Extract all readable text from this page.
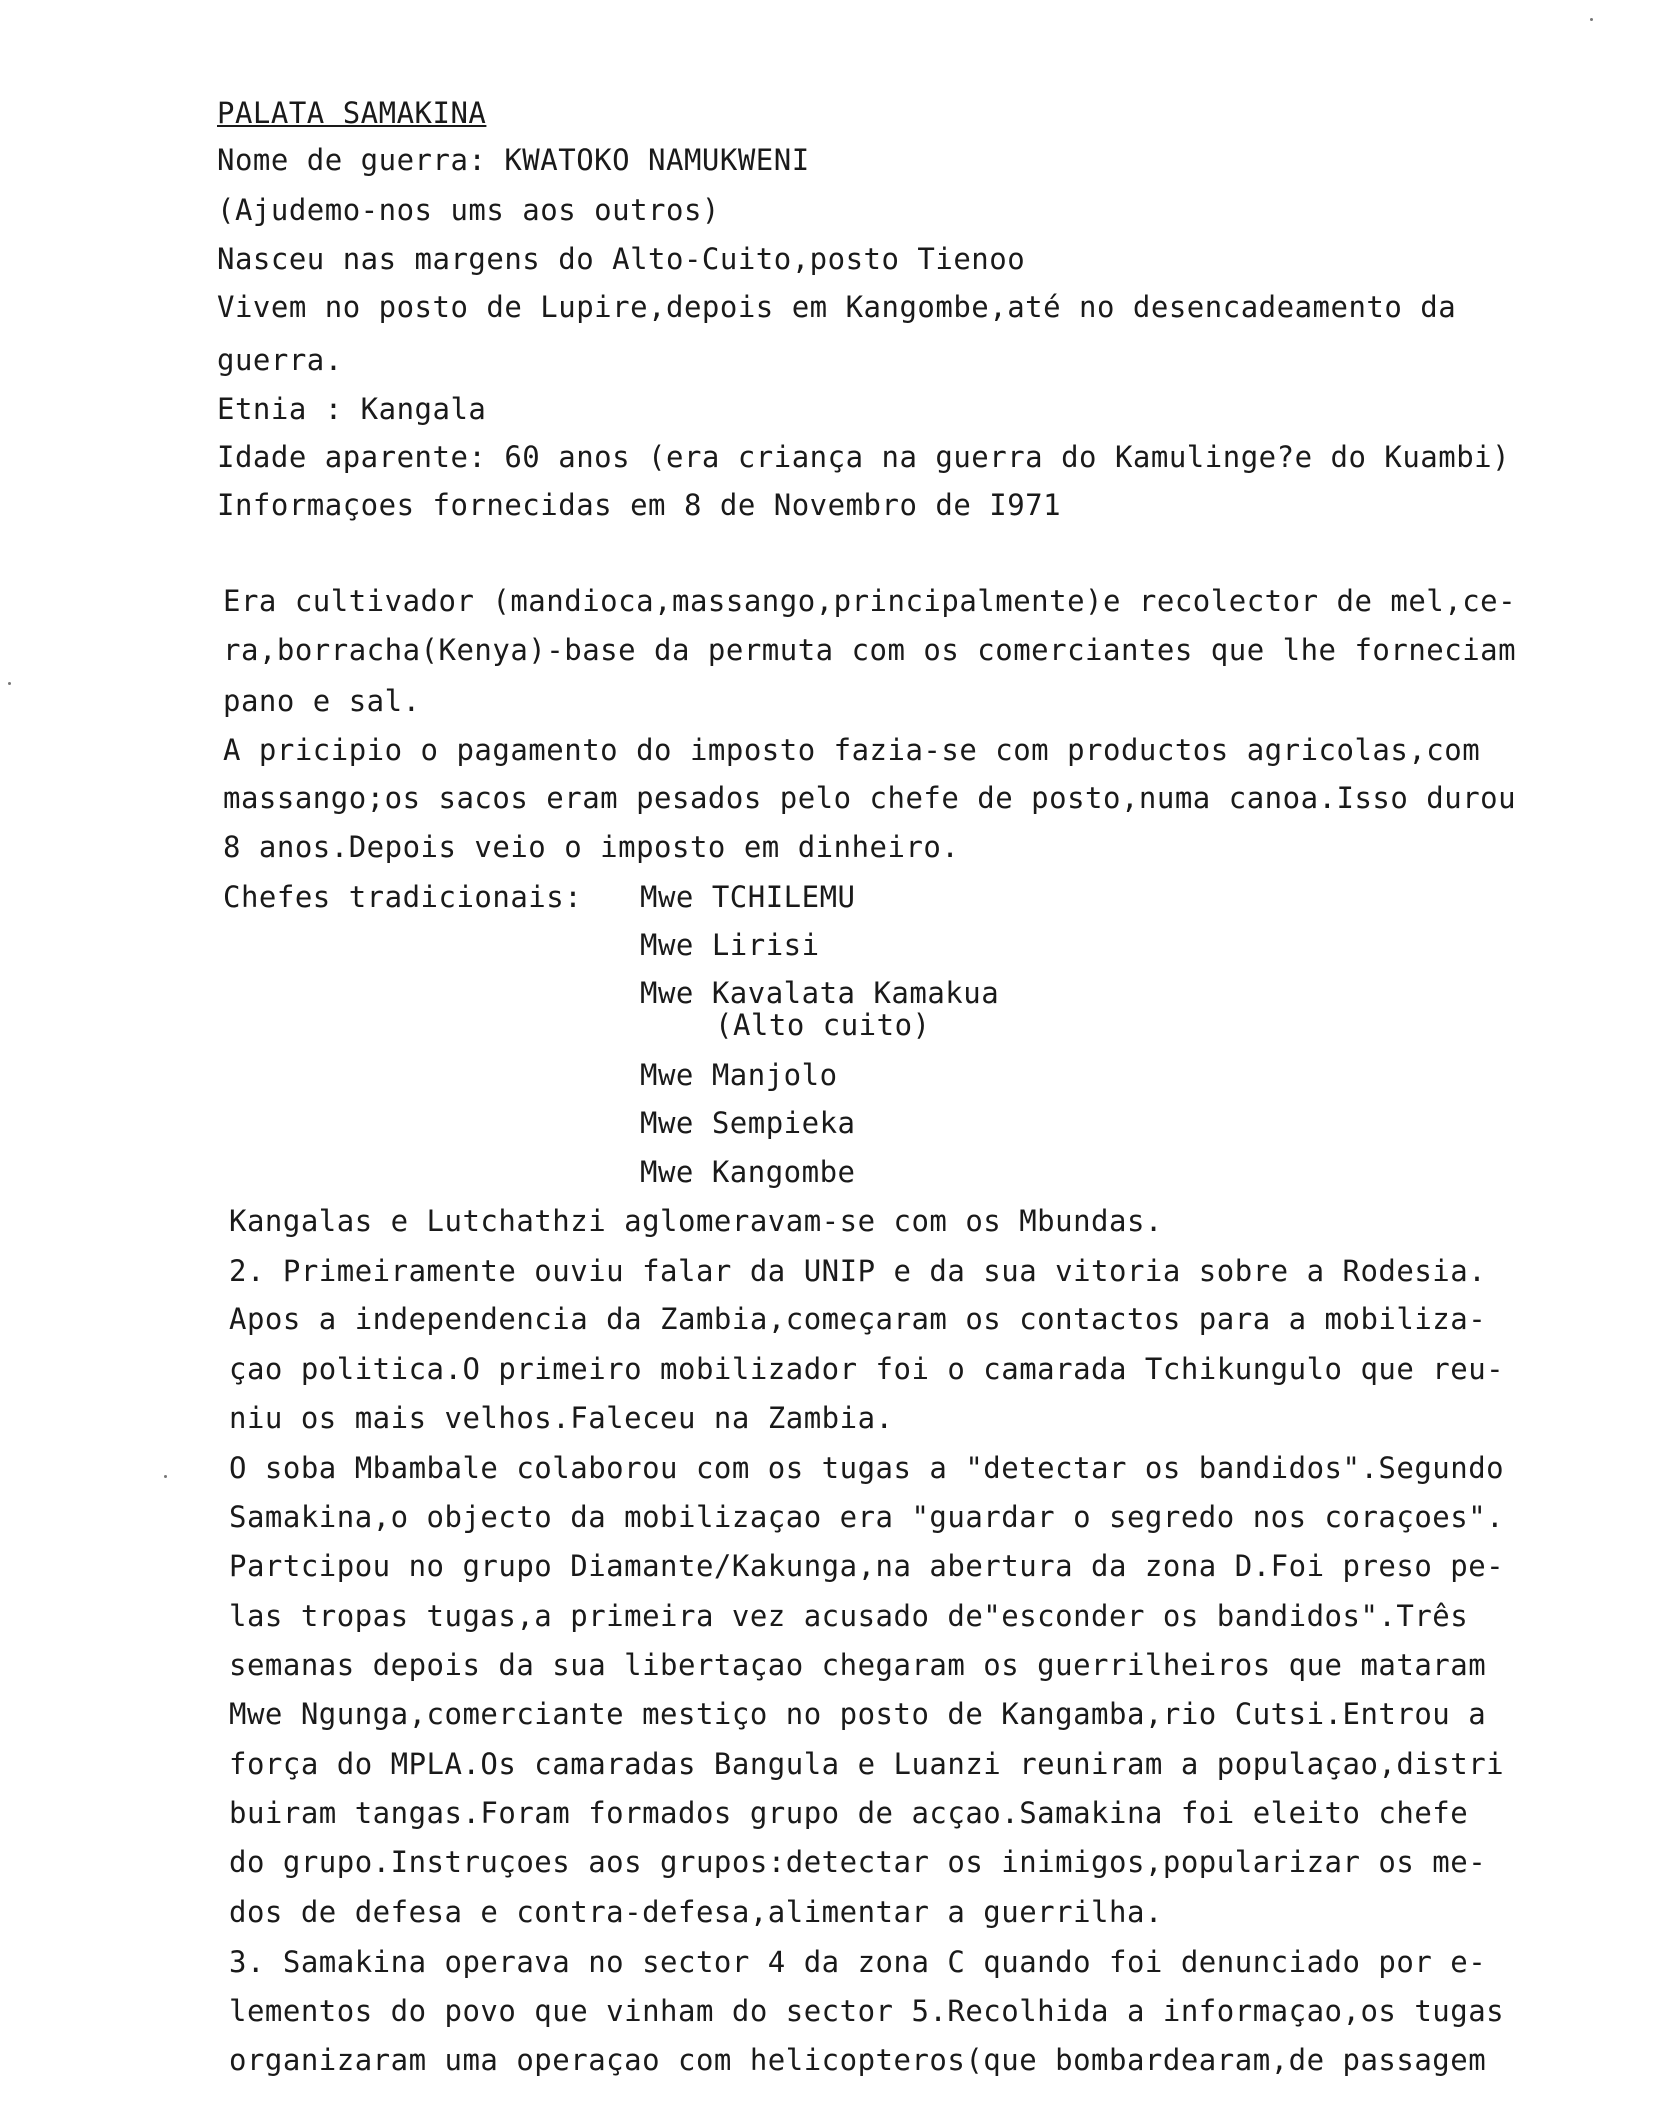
PALATA SAMAKINA
Nome de guerra: KWATOKO NAMUKWENI
(Ajudemo-nos ums aos outros)
Nasceu nas margens do Alto-Cuito,posto Tienoo
Vivem no posto de Lupire,depois em Kangombe,até no desencadeamento da
guerra.
Etnia : Kangala
Idade aparente: 60 anos (era criança na guerra do Kamulinge?e do Kuambi)
Informaçoes fornecidas em 8 de Novembro de I971
Era cultivador (mandioca,massango,principalmente)e recolector de mel,ce-
ra,borracha(Kenya)-base da permuta com os comerciantes que lhe forneciam
pano e sal.
A pricipio o pagamento do imposto fazia-se com productos agricolas,com
massango;os sacos eram pesados pelo chefe de posto,numa canoa.Isso durou
8 anos.Depois veio o imposto em dinheiro.
Chefes tradicionais: Mwe TCHILEMU
Mwe Lirisi
Mwe Kavalata Kamakua
(Alto cuito)
Mwe Manjolo
Mwe Sempieka
Mwe Kangombe
Kangalas e Lutchathzi aglomeravam-se com os Mbundas.
2. Primeiramente ouviu falar da UNIP e da sua vitoria sobre a Rodesia.
Apos a independencia da Zambia,começaram os contactos para a mobiliza-
çao politica.O primeiro mobilizador foi o camarada Tchikungulo que reu-
niu os mais velhos.Faleceu na Zambia.
O soba Mbambale colaborou com os tugas a "detectar os bandidos".Segundo
Samakina,o objecto da mobilizaçao era "guardar o segredo nos coraçoes".
Partcipou no grupo Diamante/Kakunga,na abertura da zona D.Foi preso pe-
las tropas tugas,a primeira vez acusado de"esconder os bandidos".Três
semanas depois da sua libertaçao chegaram os guerrilheiros que mataram
Mwe Ngunga,comerciante mestiço no posto de Kangamba,rio Cutsi.Entrou a
força do MPLA.Os camaradas Bangula e Luanzi reuniram a populaçao,distri
buiram tangas.Foram formados grupo de acçao.Samakina foi eleito chefe
do grupo.Instruçoes aos grupos:detectar os inimigos,popularizar os me-
dos de defesa e contra-defesa,alimentar a guerrilha.
3. Samakina operava no sector 4 da zona C quando foi denunciado por e-
lementos do povo que vinham do sector 5.Recolhida a informaçao,os tugas
organizaram uma operaçao com helicopteros(que bombardearam,de passagem
